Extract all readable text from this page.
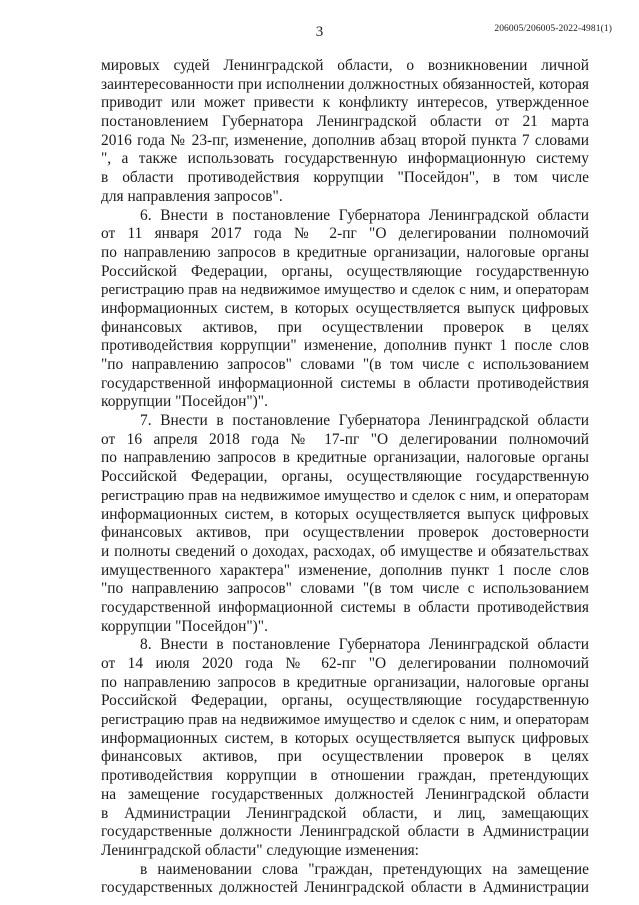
3	206005/206005-2022-4981(1)
мировых судей Ленинградской области, о возникновении личной
заинтересованности при исполнении должностных обязанностей, которая
приводит или может привести к конфликту интересов, утвержденное
постановлением Губернатора Ленинградской области от 21 марта
2016 года № 23-пг, изменение, дополнив абзац второй пункта 7 словами
", а также использовать государственную информационную систему
в области противодействия коррупции "Посейдон", в том числе
для направления запросов".
6. Внести в постановление Губернатора Ленинградской области
от 11 января 2017 года № 2-пг "О делегировании полномочий
по направлению запросов в кредитные организации, налоговые органы
Российской Федерации, органы, осуществляющие государственную
регистрацию прав на недвижимое имущество и сделок с ним, и операторам
информационных систем, в которых осуществляется выпуск цифровых
финансовых активов, при осуществлении проверок в целях
противодействия коррупции" изменение, дополнив пункт 1 после слов
"по направлению запросов" словами "(в том числе с использованием
государственной информационной системы в области противодействия
коррупции "Посейдон")".
7. Внести в постановление Губернатора Ленинградской области
от 16 апреля 2018 года № 17-пг "О делегировании полномочий
по направлению запросов в кредитные организации, налоговые органы
Российской Федерации, органы, осуществляющие государственную
регистрацию прав на недвижимое имущество и сделок с ним, и операторам
информационных систем, в которых осуществляется выпуск цифровых
финансовых активов, при осуществлении проверок достоверности
и полноты сведений о доходах, расходах, об имуществе и обязательствах
имущественного характера" изменение, дополнив пункт 1 после слов
"по направлению запросов" словами "(в том числе с использованием
государственной информационной системы в области противодействия
коррупции "Посейдон")".
8. Внести в постановление Губернатора Ленинградской области
от 14 июля 2020 года № 62-пг "О делегировании полномочий
по направлению запросов в кредитные организации, налоговые органы
Российской Федерации, органы, осуществляющие государственную
регистрацию прав на недвижимое имущество и сделок с ним, и операторам
информационных систем, в которых осуществляется выпуск цифровых
финансовых активов, при осуществлении проверок в целях
противодействия коррупции в отношении граждан, претендующих
на замещение государственных должностей Ленинградской области
в Администрации Ленинградской области, и лиц, замещающих
государственные должности Ленинградской области в Администрации
Ленинградской области" следующие изменения:
в наименовании слова "граждан, претендующих на замещение
государственных должностей Ленинградской области в Администрации
